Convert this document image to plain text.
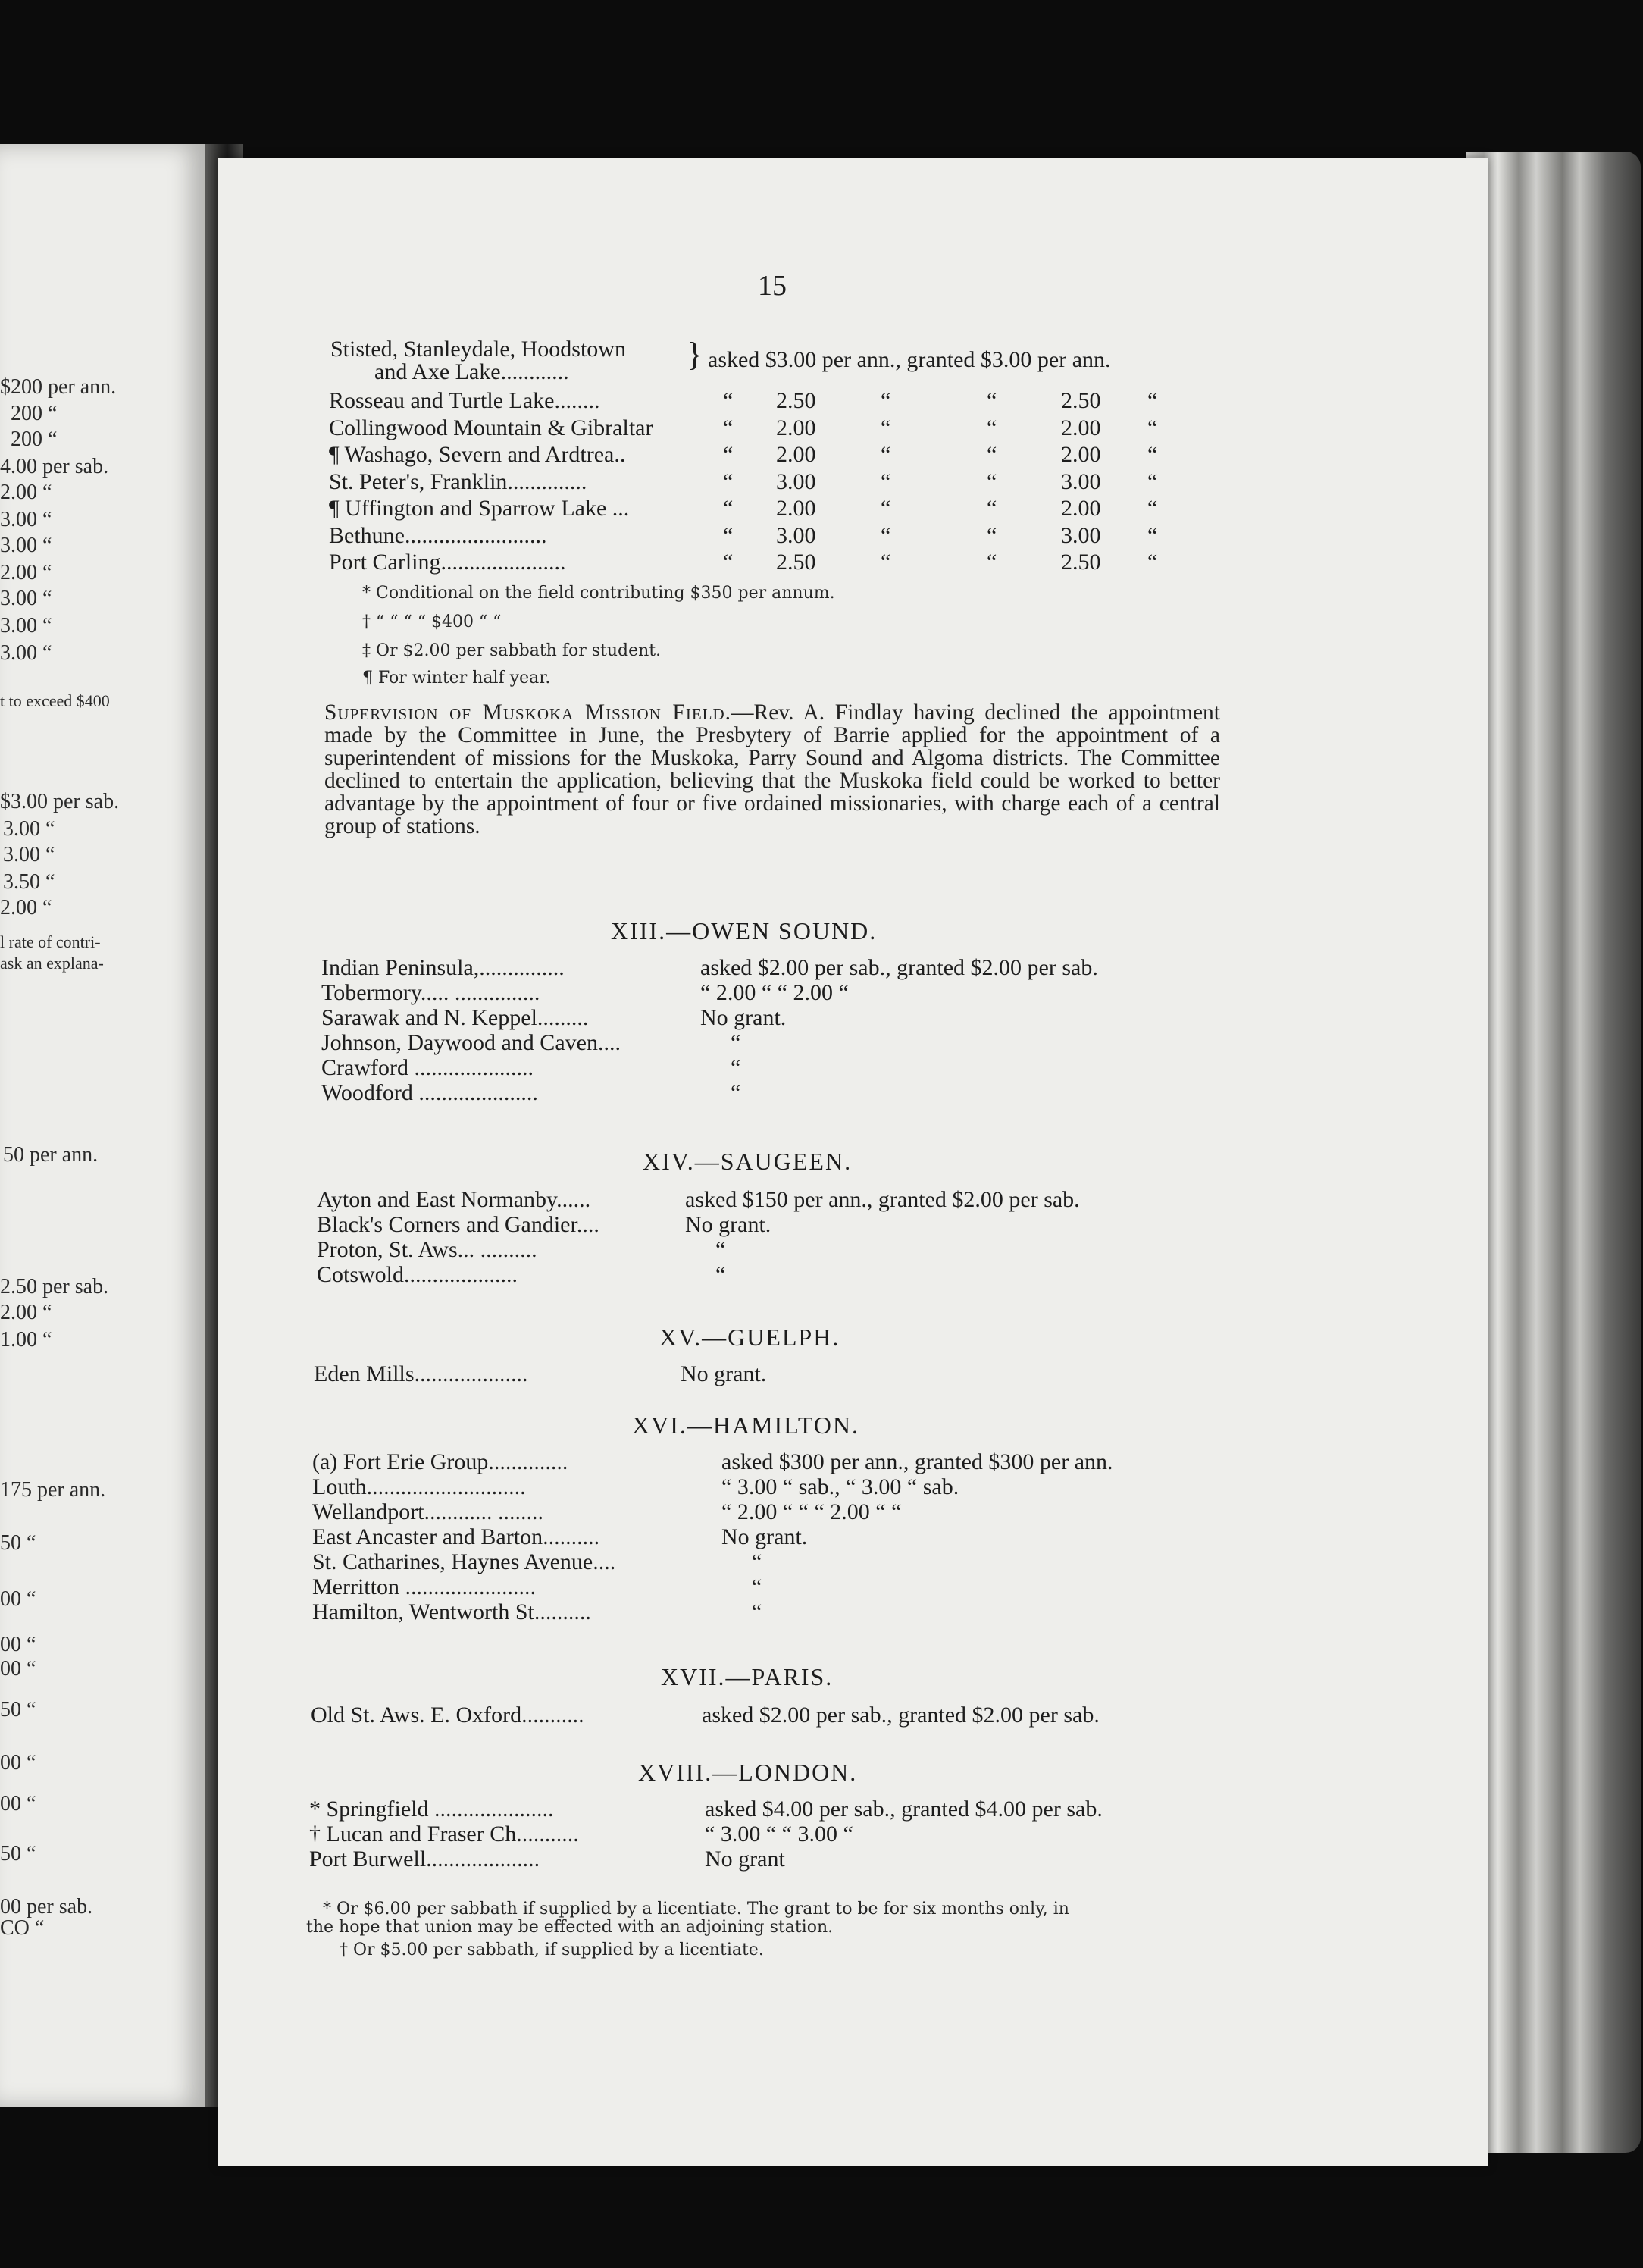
$200 per ann.
200 “
200 “
4.00 per sab.
2.00 “
3.00 “
3.00 “
2.00 “
3.00 “
3.00 “
3.00 “
t to exceed $400
$3.00 per sab.
3.00 “
3.00 “
3.50 “
2.00 “
l rate of contri-
ask an explana-
50 per ann.
2.50 per sab.
2.00 “
1.00 “
175 per ann.
50 “
00 “
00 “
00 “
50 “
00 “
00 “
50 “
00 per sab.
CO “
15
Stisted, Stanleydale, Hoodstown
and Axe Lake............	} asked $3.00 per ann., granted $3.00 per ann.
Rosseau and Turtle Lake........	“ 2.50	“	“	2.50 “
Collingwood Mountain & Gibraltar	“ 2.00	“	“	2.00 “
¶ Washago, Severn and Ardtrea..	“ 2.00	“	“	2.00 “
St. Peter's, Franklin..............	“ 3.00	“	“	3.00 “
¶ Uffington and Sparrow Lake ...	“ 2.00	“	“	2.00 “
Bethune.........................	“ 3.00	“	“	3.00 “
Port Carling......................	“ 2.50	“	“	2.50 “
* Conditional on the field contributing $350 per annum.
† “ “ “ “ $400 “ “
‡ Or $2.00 per sabbath for student.
¶ For winter half year.
Supervision of Muskoka Mission Field.—Rev. A. Findlay having declined the appointment made by the Committee in June, the Presbytery of Barrie applied for the appointment of a superintendent of missions for the Muskoka, Parry Sound and Algoma districts. The Committee declined to entertain the application, believing that the Muskoka field could be worked to better advantage by the appointment of four or five ordained missionaries, with charge each of a central group of stations.
XIII.—OWEN SOUND.
Indian Peninsula,...............	asked $2.00 per sab., granted $2.00 per sab.
Tobermory..... ...............	“ 2.00 “ “ 2.00 “
Sarawak and N. Keppel.........	No grant.
Johnson, Daywood and Caven....	“
Crawford .....................	“
Woodford .....................	“
XIV.—SAUGEEN.
Ayton and East Normanby......	asked $150 per ann., granted $2.00 per sab.
Black's Corners and Gandier....	No grant.
Proton, St. Aws... ..........	“
Cotswold....................	“
XV.—GUELPH.
Eden Mills....................	No grant.
XVI.—HAMILTON.
(a) Fort Erie Group..............	asked $300 per ann., granted $300 per ann.
Louth............................	“ 3.00 “ sab., “ 3.00 “ sab.
Wellandport............ ........	“ 2.00 “ “ “ 2.00 “ “
East Ancaster and Barton..........	No grant.
St. Catharines, Haynes Avenue....	“
Merritton .......................	“
Hamilton, Wentworth St..........	“
XVII.—PARIS.
Old St. Aws. E. Oxford...........	asked $2.00 per sab., granted $2.00 per sab.
XVIII.—LONDON.
* Springfield .....................	asked $4.00 per sab., granted $4.00 per sab.
† Lucan and Fraser Ch...........	“ 3.00 “ “ 3.00 “
Port Burwell....................	No grant
* Or $6.00 per sabbath if supplied by a licentiate. The grant to be for six months only, in
the hope that union may be effected with an adjoining station.
† Or $5.00 per sabbath, if supplied by a licentiate.
